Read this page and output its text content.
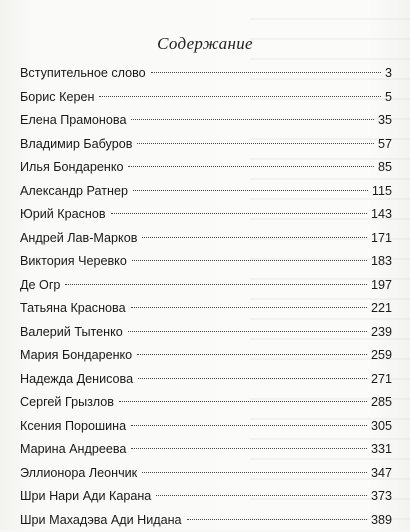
Содержание
Вступительное слово	3
Борис Керен	5
Елена Прамонова	35
Владимир Бабуров	57
Илья Бондаренко	85
Александр Ратнер	115
Юрий Краснов	143
Андрей Лав-Марков	171
Виктория Черевко	183
Де Огр	197
Татьяна Краснова	221
Валерий Тытенко	239
Мария Бондаренко	259
Надежда Денисова	271
Сергей Грызлов	285
Ксения Порошина	305
Марина Андреева	331
Эллионора Леончик	347
Шри Нари Ади Карана	373
Шри Махадэва Ади Нидана	389
